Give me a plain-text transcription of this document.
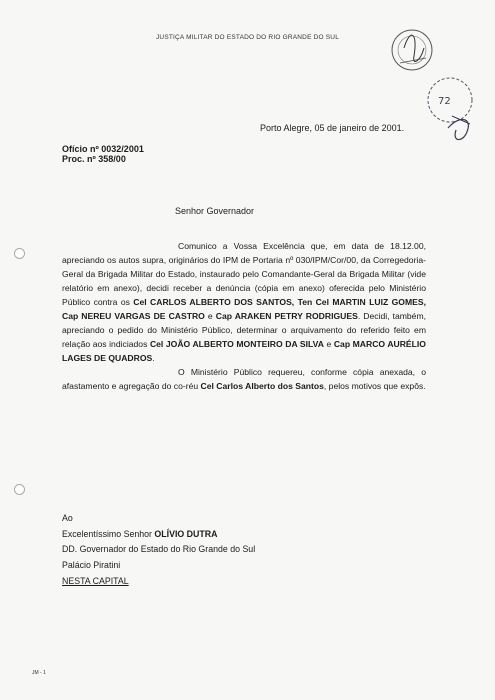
JUSTIÇA MILITAR DO ESTADO DO RIO GRANDE DO SUL
72
Porto Alegre, 05 de janeiro de 2001.
Ofício nº 0032/2001
Proc. nº 358/00
Senhor Governador

Comunico a Vossa Excelência que, em data de 18.12.00, apreciando os autos supra, originários do IPM de Portaria nº 030/IPM/Cor/00, da Corregedoria-Geral da Brigada Militar do Estado, instaurado pelo Comandante-Geral da Brigada Militar (vide relatório em anexo), decidi receber a denúncia (cópia em anexo) oferecida pelo Ministério Público contra os Cel CARLOS ALBERTO DOS SANTOS, Ten Cel MARTIN LUIZ GOMES, Cap NEREU VARGAS DE CASTRO e Cap ARAKEN PETRY RODRIGUES. Decidi, também, apreciando o pedido do Ministério Público, determinar o arquivamento do referido feito em relação aos indiciados Cel JOÃO ALBERTO MONTEIRO DA SILVA e Cap MARCO AURÉLIO LAGES DE QUADROS.

O Ministério Público requereu, conforme cópia anexada, o afastamento e agregação do co-réu Cel Carlos Alberto dos Santos, pelos motivos que expôs.

Ao
Excelentíssimo Senhor OLÍVIO DUTRA
DD. Governador do Estado do Rio Grande do Sul
Palácio Piratini
NESTA CAPITAL
JM - 1
